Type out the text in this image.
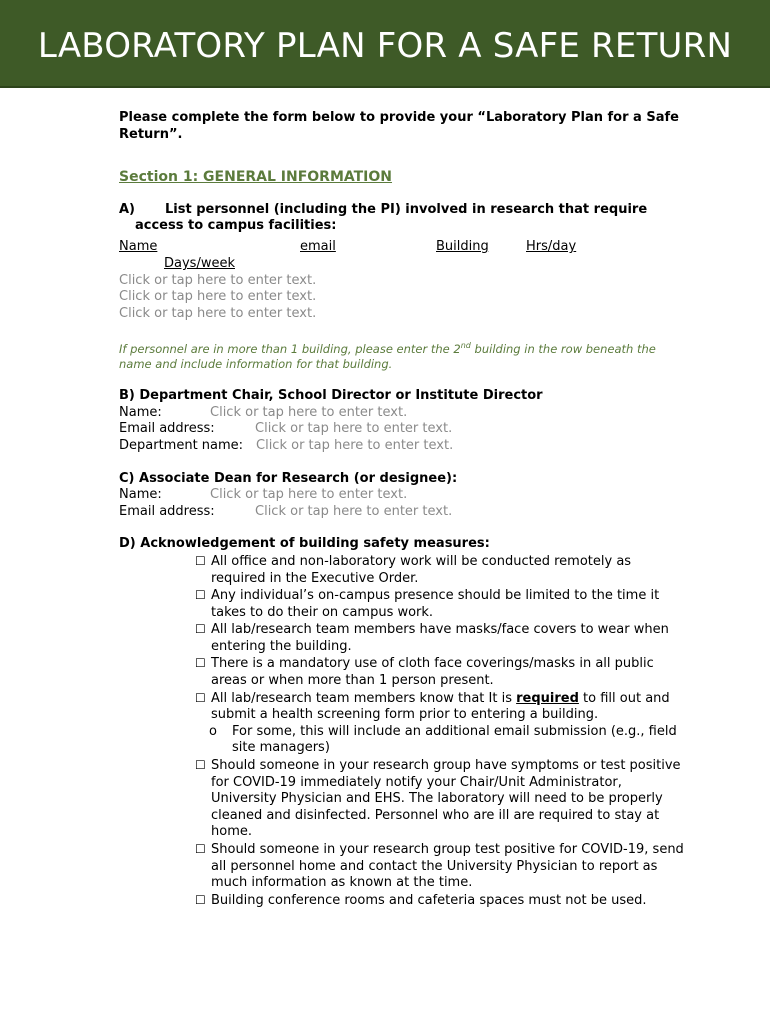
LABORATORY PLAN FOR A SAFE RETURN

Please complete the form below to provide your “Laboratory Plan for a Safe Return”.

Section 1: GENERAL INFORMATION
A) List personnel (including the PI) involved in research that require access to campus facilities:
Name	email	Building	Hrs/day
Days/week
Click or tap here to enter text.
Click or tap here to enter text.
Click or tap here to enter text.
If personnel are in more than 1 building, please enter the 2nd building in the row beneath the name and include information for that building.
B) Department Chair, School Director or Institute Director
Name:	Click or tap here to enter text.
Email address:	Click or tap here to enter text.
Department name: Click or tap here to enter text.
C) Associate Dean for Research (or designee):
Name:	Click or tap here to enter text.
Email address:	Click or tap here to enter text.
D) Acknowledgement of building safety measures:
☐ All office and non-laboratory work will be conducted remotely as required in the Executive Order.
☐ Any individual’s on-campus presence should be limited to the time it takes to do their on campus work.
☐ All lab/research team members have masks/face covers to wear when entering the building.
☐ There is a mandatory use of cloth face coverings/masks in all public areas or when more than 1 person present.
☐ All lab/research team members know that It is required to fill out and submit a health screening form prior to entering a building.
o For some, this will include an additional email submission (e.g., field site managers)
☐ Should someone in your research group have symptoms or test positive for COVID-19 immediately notify your Chair/Unit Administrator, University Physician and EHS. The laboratory will need to be properly cleaned and disinfected. Personnel who are ill are required to stay at home.
☐ Should someone in your research group test positive for COVID-19, send all personnel home and contact the University Physician to report as much information as known at the time.
☐ Building conference rooms and cafeteria spaces must not be used.
